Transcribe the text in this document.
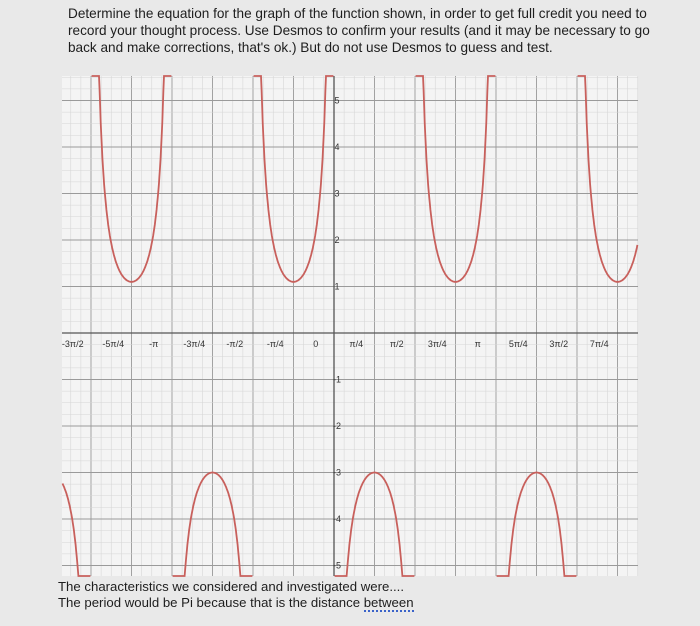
Determine the equation for the graph of the function shown, in order to get full credit you need to record your thought process. Use Desmos to confirm your results (and it may be necessary to go back and make corrections, that's ok.) But do not use Desmos to guess and test.

-3π/2 -5π/4	-π	-3π/4 -π/2	-π/4	0	π/4	π/2	3π/4	π	5π/4 3π/2 7π/4
5
4
3
2
1
-1
-2
-3
-4
-5
The characteristics we considered and investigated were....
The period would be Pi because that is the distance between
